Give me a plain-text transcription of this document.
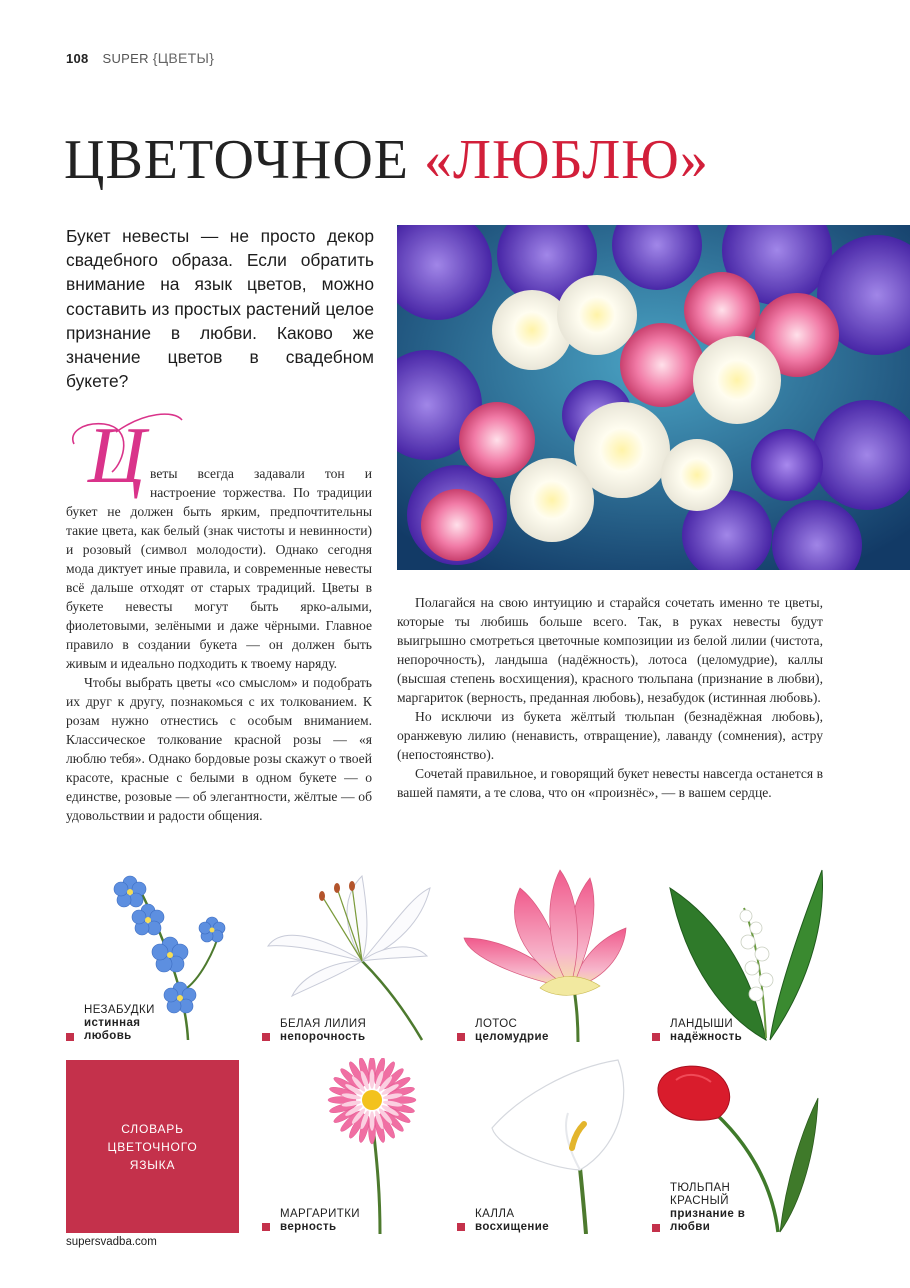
108 SUPER {ЦВЕТЫ}
ЦВЕТОЧНОЕ «ЛЮБЛЮ»
Букет невесты — не просто декор свадебного образа. Если обратить внимание на язык цветов, можно составить из простых растений целое признание в любви. Каково же значение цветов в свадебном букете?
Ц веты всегда задавали тон и настроение торжества. По традиции букет не должен быть ярким, предпочтительны такие цвета, как белый (знак чистоты и невинности) и розовый (символ молодости). Однако сегодня мода диктует иные правила, и современные невесты всё дальше отходят от старых традиций. Цветы в букете невесты могут быть ярко-алыми, фиолетовыми, зелёными и даже чёрными. Главное правило в создании букета — он должен быть живым и идеально подходить к твоему наряду.

Чтобы выбрать цветы «со смыслом» и подобрать их друг к другу, познакомься с их толкованием. К розам нужно отнестись с особым вниманием. Классическое толкование красной розы — «я люблю тебя». Однако бордовые розы скажут о твоей красоте, красные с белыми в одном букете — о единстве, розовые — об элегантности, жёлтые — об удовольствии и радости общения.

Полагайся на свою интуицию и старайся сочетать именно те цветы, которые ты любишь больше всего. Так, в руках невесты будут выигрышно смотреться цветочные композиции из белой лилии (чистота, непорочность), ландыша (надёжность), лотоса (целомудрие), каллы (высшая степень восхищения), красного тюльпана (признание в любви), маргариток (верность, преданная любовь), незабудок (истинная любовь).

Но исключи из букета жёлтый тюльпан (безнадёжная любовь), оранжевую лилию (ненависть, отвращение), лаванду (сомнения), астру (непостоянство).

Сочетай правильное, и говорящий букет невесты навсегда останется в вашей памяти, а те слова, что он «произнёс», — в вашем сердце.

НЕЗАБУДКИ
истинная любовь
БЕЛАЯ ЛИЛИЯ
непорочность
ЛОТОС
целомудрие
ЛАНДЫШИ
надёжность
СЛОВАРЬ ЦВЕТОЧНОГО ЯЗЫКА
МАРГАРИТКИ
верность
КАЛЛА
восхищение
ТЮЛЬПАН КРАСНЫЙ
признание в любви
supersvadba.com
